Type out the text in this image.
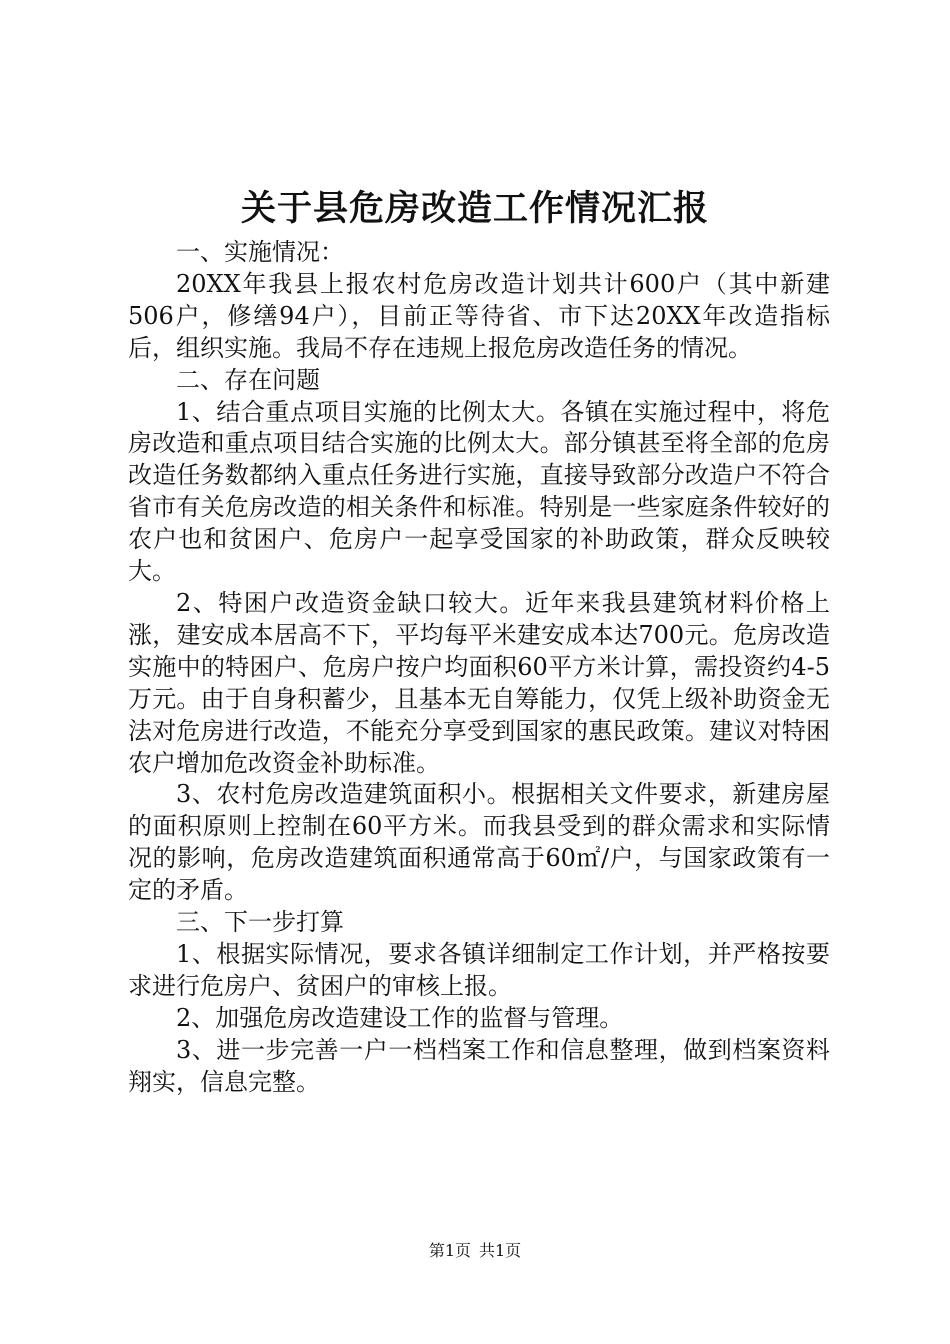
关于县危房改造工作情况汇报

一、实施情况：

20XX年我县上报农村危房改造计划共计600户（其中新建506户，修缮94户），目前正等待省、市下达20XX年改造指标后，组织实施。我局不存在违规上报危房改造任务的情况。

二、存在问题

1、结合重点项目实施的比例太大。各镇在实施过程中，将危房改造和重点项目结合实施的比例太大。部分镇甚至将全部的危房改造任务数都纳入重点任务进行实施，直接导致部分改造户不符合省市有关危房改造的相关条件和标准。特别是一些家庭条件较好的农户也和贫困户、危房户一起享受国家的补助政策，群众反映较大。

2、特困户改造资金缺口较大。近年来我县建筑材料价格上涨，建安成本居高不下，平均每平米建安成本达700元。危房改造实施中的特困户、危房户按户均面积60平方米计算，需投资约4-5万元。由于自身积蓄少，且基本无自筹能力，仅凭上级补助资金无法对危房进行改造，不能充分享受到国家的惠民政策。建议对特困农户增加危改资金补助标准。

3、农村危房改造建筑面积小。根据相关文件要求，新建房屋的面积原则上控制在60平方米。而我县受到的群众需求和实际情况的影响，危房改造建筑面积通常高于60㎡/户，与国家政策有一定的矛盾。

三、下一步打算

1、根据实际情况，要求各镇详细制定工作计划，并严格按要求进行危房户、贫困户的审核上报。

2、加强危房改造建设工作的监督与管理。

3、进一步完善一户一档档案工作和信息整理，做到档案资料翔实，信息完整。

第1页 共1页
